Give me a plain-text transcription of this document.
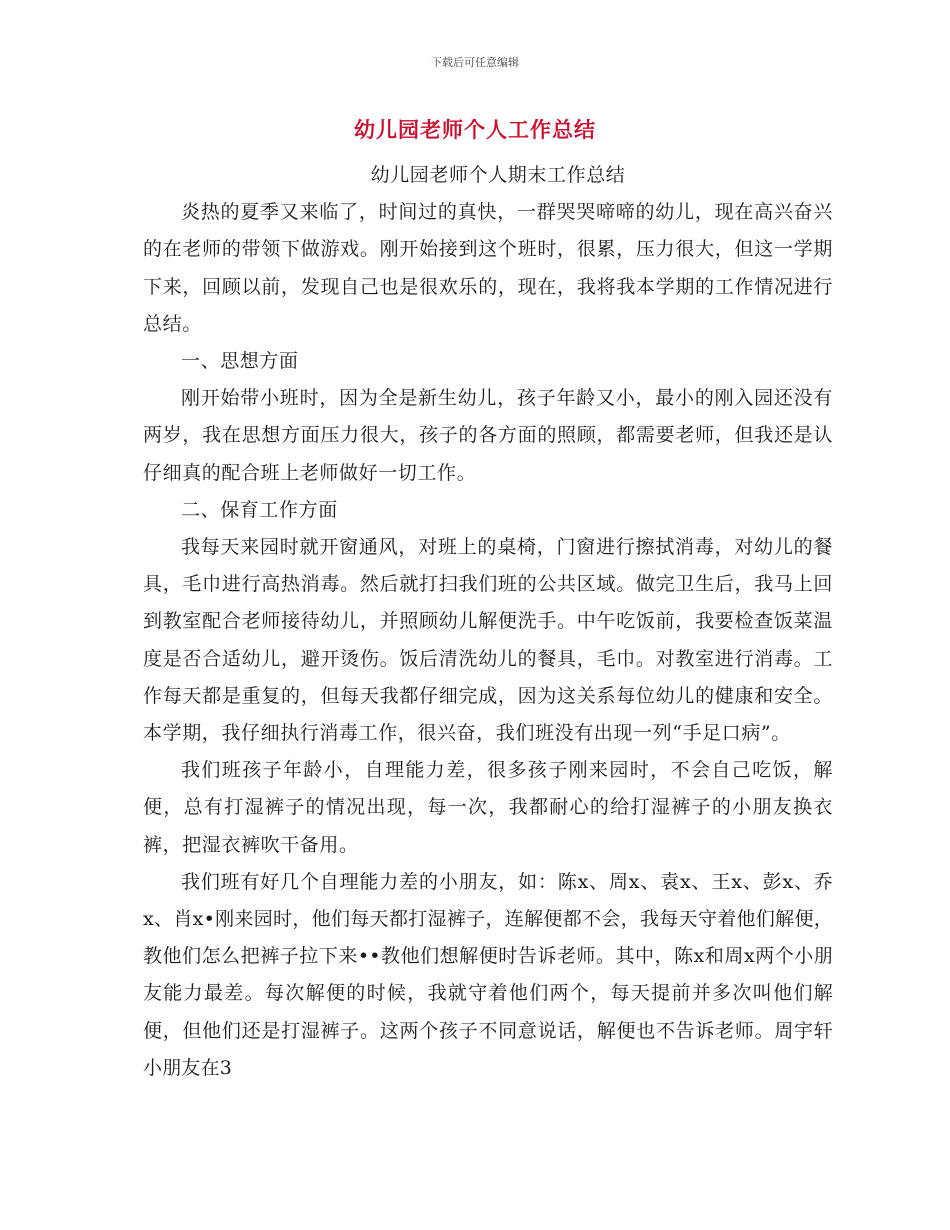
下载后可任意编辑
幼儿园老师个人工作总结

幼儿园老师个人期末工作总结

炎热的夏季又来临了，时间过的真快，一群哭哭啼啼的幼儿，现在高兴奋兴的在老师的带领下做游戏。刚开始接到这个班时，很累，压力很大，但这一学期下来，回顾以前，发现自己也是很欢乐的，现在，我将我本学期的工作情况进行总结。

一、思想方面

刚开始带小班时，因为全是新生幼儿，孩子年龄又小，最小的刚入园还没有两岁，我在思想方面压力很大，孩子的各方面的照顾，都需要老师，但我还是认仔细真的配合班上老师做好一切工作。

二、保育工作方面

我每天来园时就开窗通风，对班上的桌椅，门窗进行擦拭消毒，对幼儿的餐具，毛巾进行高热消毒。然后就打扫我们班的公共区域。做完卫生后，我马上回到教室配合老师接待幼儿，并照顾幼儿解便洗手。中午吃饭前，我要检查饭菜温度是否合适幼儿，避开烫伤。饭后清洗幼儿的餐具，毛巾。对教室进行消毒。工作每天都是重复的，但每天我都仔细完成，因为这关系每位幼儿的健康和安全。本学期，我仔细执行消毒工作，很兴奋，我们班没有出现一列“手足口病”。

我们班孩子年龄小，自理能力差，很多孩子刚来园时，不会自己吃饭，解便，总有打湿裤子的情况出现，每一次，我都耐心的给打湿裤子的小朋友换衣裤，把湿衣裤吹干备用。

我们班有好几个自理能力差的小朋友，如：陈x、周x、袁x、王x、彭x、乔x、肖x•刚来园时，他们每天都打湿裤子，连解便都不会，我每天守着他们解便，教他们怎么把裤子拉下来••教他们想解便时告诉老师。其中，陈x和周x两个小朋友能力最差。每次解便的时候，我就守着他们两个，每天提前并多次叫他们解便，但他们还是打湿裤子。这两个孩子不同意说话，解便也不告诉老师。周宇轩小朋友在3
